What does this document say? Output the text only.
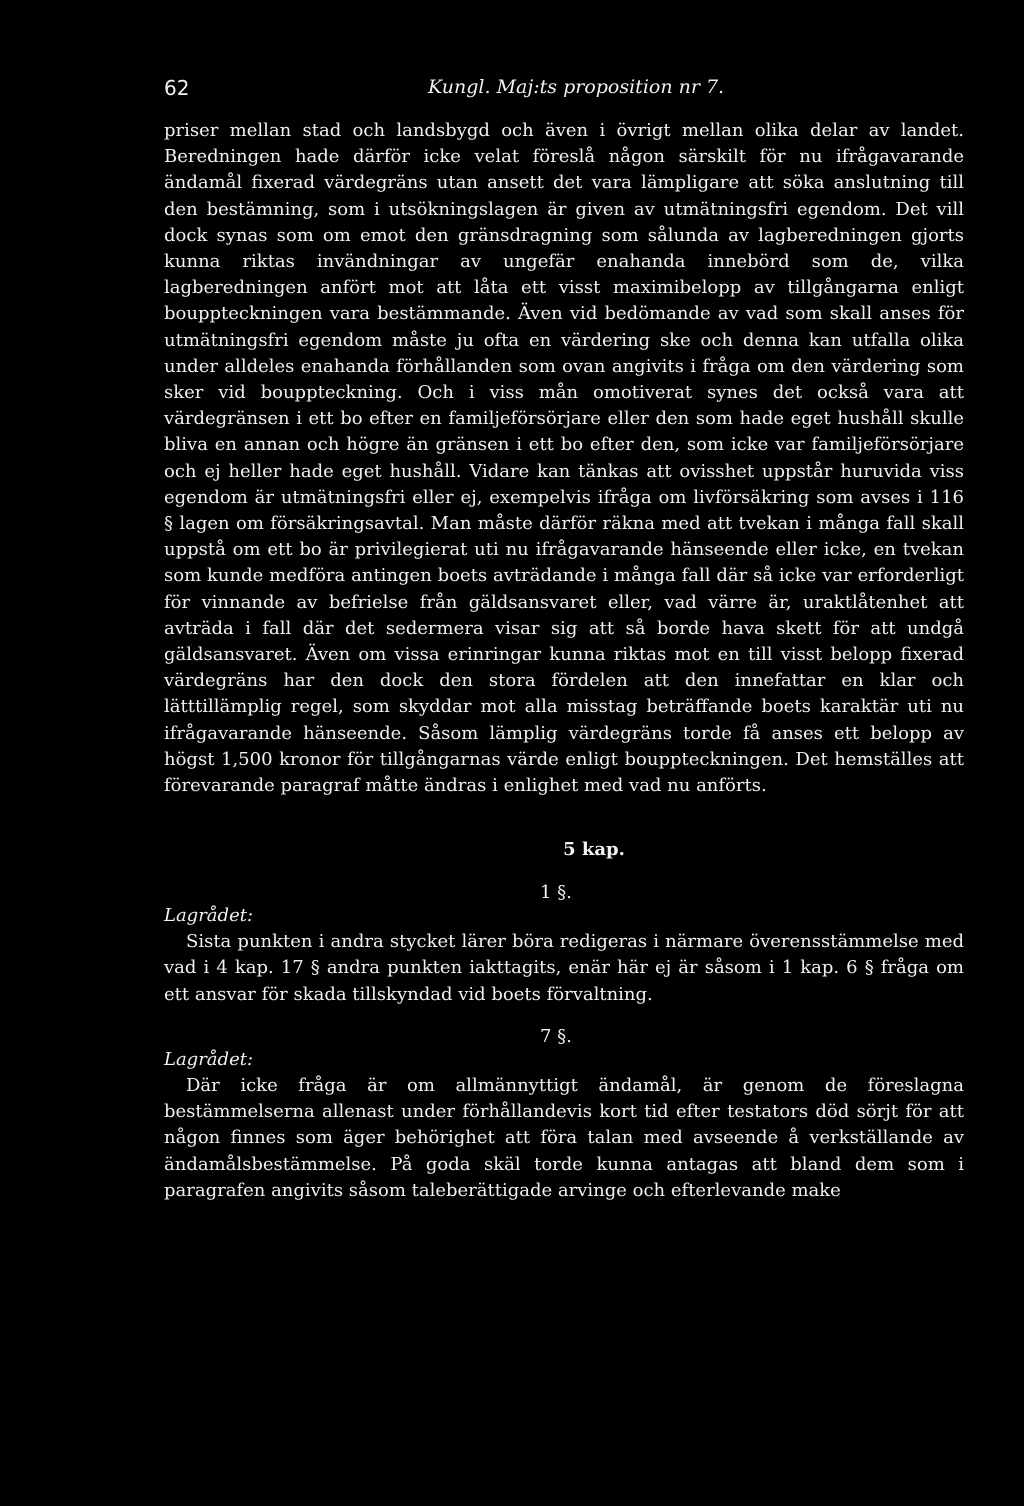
62	Kungl. Maj:ts proposition nr 7.

priser mellan stad och landsbygd och även i övrigt mellan olika delar av landet. Beredningen hade därför icke velat föreslå någon särskilt för nu ifrågavarande ändamål fixerad värdegräns utan ansett det vara lämpligare att söka anslutning till den bestämning, som i utsökningslagen är given av utmätningsfri egendom. Det vill dock synas som om emot den gränsdragning som sålunda av lagberedningen gjorts kunna riktas invändningar av ungefär enahanda innebörd som de, vilka lagberedningen anfört mot att låta ett visst maximibelopp av tillgångarna enligt bouppteckningen vara bestämmande. Även vid bedömande av vad som skall anses för utmätningsfri egendom måste ju ofta en värdering ske och denna kan utfalla olika under alldeles enahanda förhållanden som ovan angivits i fråga om den värdering som sker vid bouppteckning. Och i viss mån omotiverat synes det också vara att värdegränsen i ett bo efter en familjeförsörjare eller den som hade eget hushåll skulle bliva en annan och högre än gränsen i ett bo efter den, som icke var familjeförsörjare och ej heller hade eget hushåll. Vidare kan tänkas att ovisshet uppstår huruvida viss egendom är utmätningsfri eller ej, exempelvis ifråga om livförsäkring som avses i 116 § lagen om försäkringsavtal. Man måste därför räkna med att tvekan i många fall skall uppstå om ett bo är privilegierat uti nu ifrågavarande hänseende eller icke, en tvekan som kunde medföra antingen boets avträdande i många fall där så icke var erforderligt för vinnande av befrielse från gäldsansvaret eller, vad värre är, uraktlåtenhet att avträda i fall där det sedermera visar sig att så borde hava skett för att undgå gäldsansvaret. Även om vissa erinringar kunna riktas mot en till visst belopp fixerad värdegräns har den dock den stora fördelen att den innefattar en klar och lätttillämplig regel, som skyddar mot alla misstag beträffande boets karaktär uti nu ifrågavarande hänseende. Såsom lämplig värdegräns torde få anses ett belopp av högst 1,500 kronor för tillgångarnas värde enligt bouppteckningen. Det hemställes att förevarande paragraf måtte ändras i enlighet med vad nu anförts.

5 kap.

1 §.

Lagrådet:

Sista punkten i andra stycket lärer böra redigeras i närmare överensstämmelse med vad i 4 kap. 17 § andra punkten iakttagits, enär här ej är såsom i 1 kap. 6 § fråga om ett ansvar för skada tillskyndad vid boets förvaltning.

7 §.

Lagrådet:

Där icke fråga är om allmännyttigt ändamål, är genom de föreslagna bestämmelserna allenast under förhållandevis kort tid efter testators död sörjt för att någon finnes som äger behörighet att föra talan med avseende å verkställande av ändamålsbestämmelse. På goda skäl torde kunna antagas att bland dem som i paragrafen angivits såsom taleberättigade arvinge och efterlevande make
